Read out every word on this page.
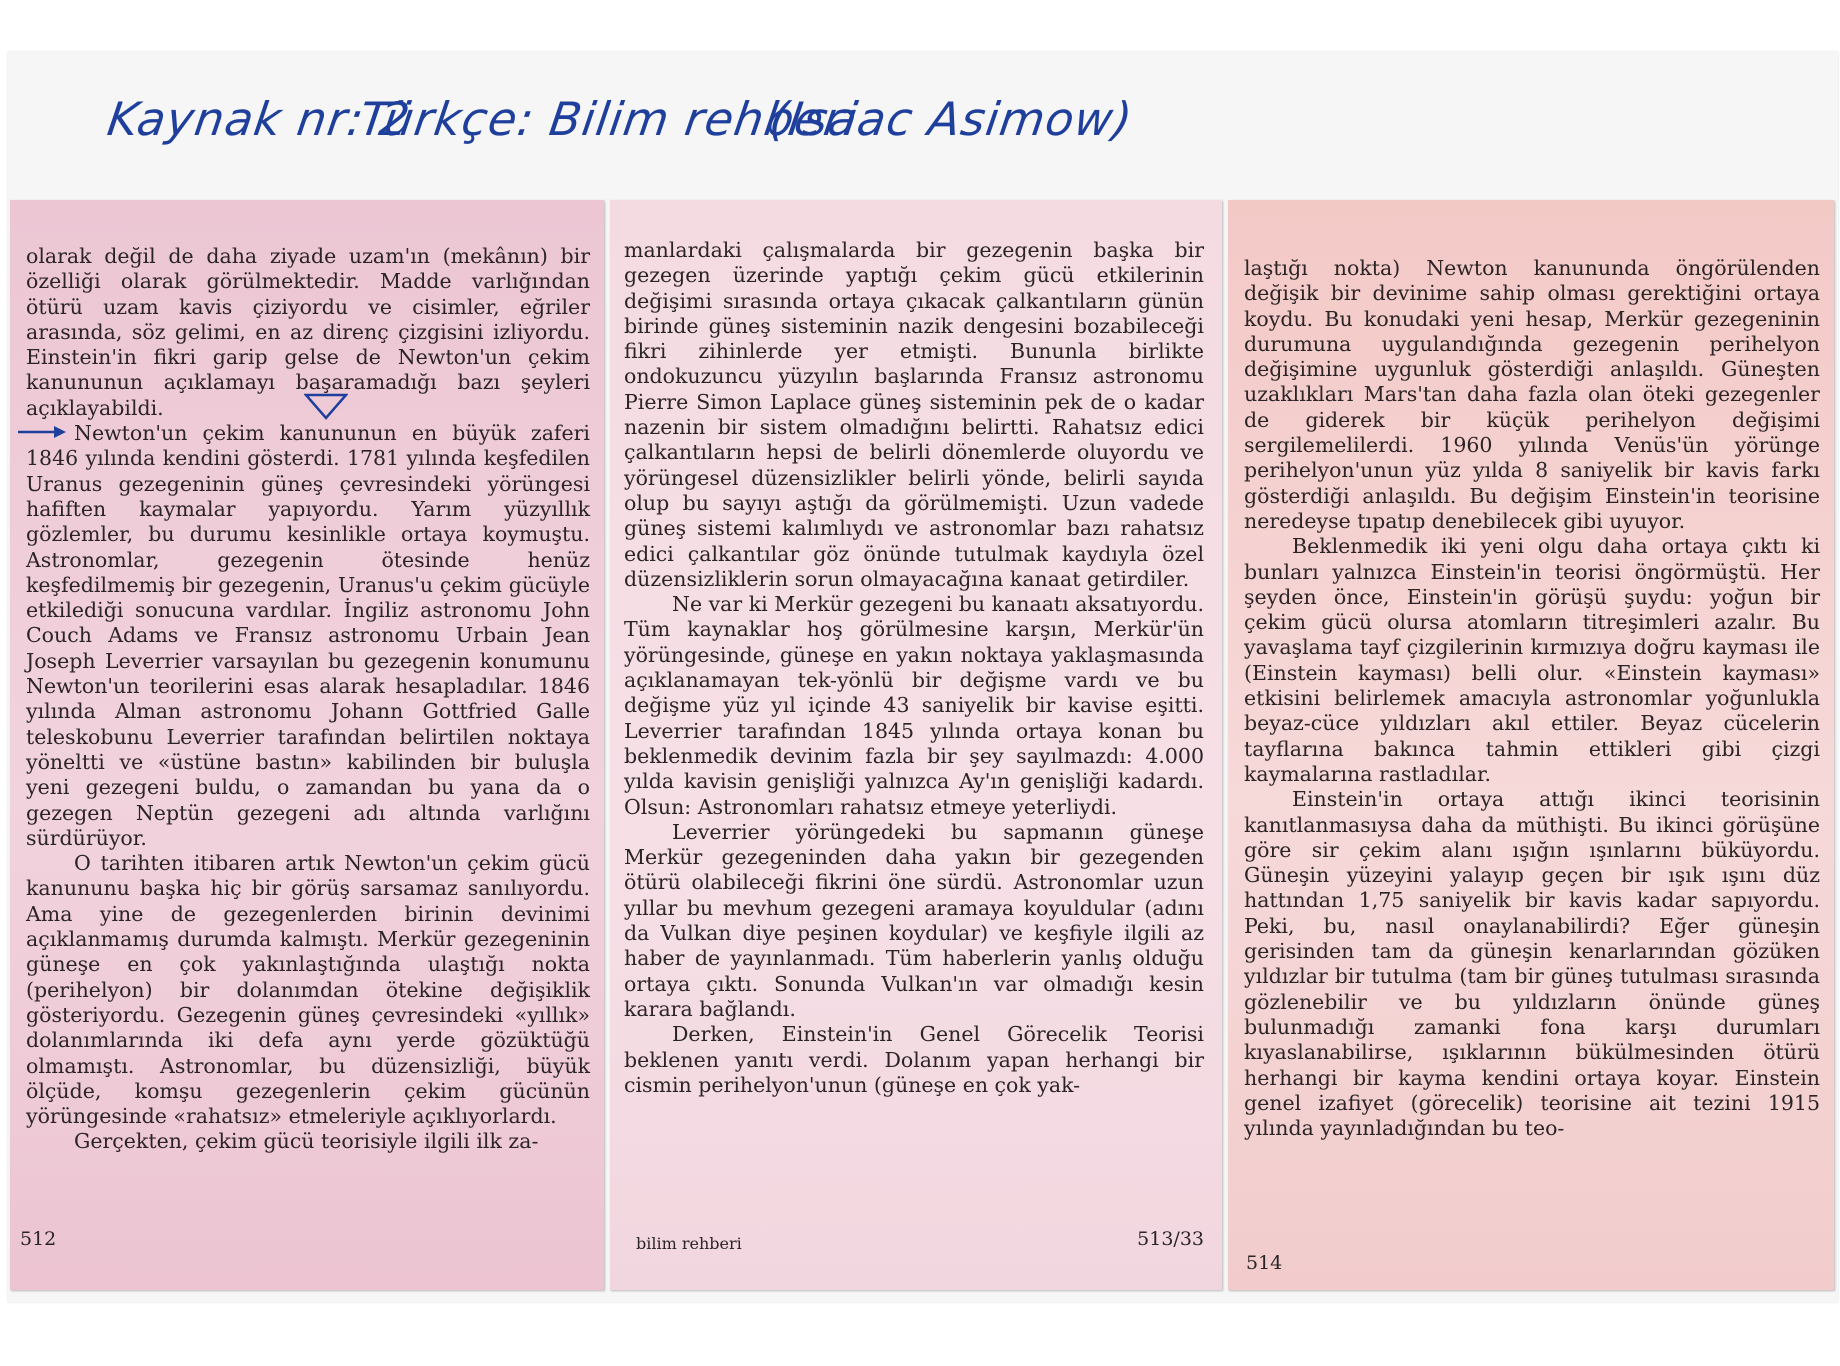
Kaynak nr: 2
Türkçe: Bilim rehberi
(Isaac Asimow)

olarak değil de daha ziyade uzam'ın (mekânın) bir özelliği olarak görülmektedir. Madde varlığından ötürü uzam kavis çiziyordu ve cisimler, eğriler arasında, söz gelimi, en az direnç çizgisini izliyordu. Einstein'in fikri garip gelse de Newton'un çekim kanununun açıklamayı başaramadığı bazı şeyleri açıklayabildi.

Newton'un çekim kanununun en büyük zaferi 1846 yılında kendini gösterdi. 1781 yılında keşfedilen Uranus gezegeninin güneş çevresindeki yörüngesi hafiften kaymalar yapıyordu. Yarım yüzyıllık gözlemler, bu durumu kesinlikle ortaya koymuştu. Astronomlar, gezegenin ötesinde henüz keşfedilmemiş bir gezegenin, Uranus'u çekim gücüyle etkilediği sonucuna vardılar. İngiliz astronomu John Couch Adams ve Fransız astronomu Urbain Jean Joseph Leverrier varsayılan bu gezegenin konumunu Newton'un teorilerini esas alarak hesapladılar. 1846 yılında Alman astronomu Johann Gottfried Galle teleskobunu Leverrier tarafından belirtilen noktaya yöneltti ve «üstüne bastın» kabilinden bir buluşla yeni gezegeni buldu, o zamandan bu yana da o gezegen Neptün gezegeni adı altında varlığını sürdürüyor.

O tarihten itibaren artık Newton'un çekim gücü kanununu başka hiç bir görüş sarsamaz sanılıyordu. Ama yine de gezegenlerden birinin devinimi açıklanmamış durumda kalmıştı. Merkür gezegeninin güneşe en çok yakınlaştığında ulaştığı nokta (perihelyon) bir dolanımdan ötekine değişiklik gösteriyordu. Gezegenin güneş çevresindeki «yıllık» dolanımlarında iki defa aynı yerde gözüktüğü olmamıştı. Astronomlar, bu düzensizliği, büyük ölçüde, komşu gezegenlerin çekim gücünün yörüngesinde «rahatsız» etmeleriyle açıklıyorlardı.

Gerçekten, çekim gücü teorisiyle ilgili ilk za-

512

manlardaki çalışmalarda bir gezegenin başka bir gezegen üzerinde yaptığı çekim gücü etkilerinin değişimi sırasında ortaya çıkacak çalkantıların günün birinde güneş sisteminin nazik dengesini bozabileceği fikri zihinlerde yer etmişti. Bununla birlikte ondokuzuncu yüzyılın başlarında Fransız astronomu Pierre Simon Laplace güneş sisteminin pek de o kadar nazenin bir sistem olmadığını belirtti. Rahatsız edici çalkantıların hepsi de belirli dönemlerde oluyordu ve yörüngesel düzensizlikler belirli yönde, belirli sayıda olup bu sayıyı aştığı da görülmemişti. Uzun vadede güneş sistemi kalımlıydı ve astronomlar bazı rahatsız edici çalkantılar göz önünde tutulmak kaydıyla özel düzensizliklerin sorun olmayacağına kanaat getirdiler.

Ne var ki Merkür gezegeni bu kanaatı aksatıyordu. Tüm kaynaklar hoş görülmesine karşın, Merkür'ün yörüngesinde, güneşe en yakın noktaya yaklaşmasında açıklanamayan tek-yönlü bir değişme vardı ve bu değişme yüz yıl içinde 43 saniyelik bir kavise eşitti. Leverrier tarafından 1845 yılında ortaya konan bu beklenmedik devinim fazla bir şey sayılmazdı: 4.000 yılda kavisin genişliği yalnızca Ay'ın genişliği kadardı. Olsun: Astronomları rahatsız etmeye yeterliydi.

Leverrier yörüngedeki bu sapmanın güneşe Merkür gezegeninden daha yakın bir gezegenden ötürü olabileceği fikrini öne sürdü. Astronomlar uzun yıllar bu mevhum gezegeni aramaya koyuldular (adını da Vulkan diye peşinen koydular) ve keşfiyle ilgili az haber de yayınlanmadı. Tüm haberlerin yanlış olduğu ortaya çıktı. Sonunda Vulkan'ın var olmadığı kesin karara bağlandı.

Derken, Einstein'in Genel Görecelik Teorisi beklenen yanıtı verdi. Dolanım yapan herhangi bir cismin perihelyon'unun (güneşe en çok yak-

bilim rehberi	513/33

laştığı nokta) Newton kanununda öngörülenden değişik bir devinime sahip olması gerektiğini ortaya koydu. Bu konudaki yeni hesap, Merkür gezegeninin durumuna uygulandığında gezegenin perihelyon değişimine uygunluk gösterdiği anlaşıldı. Güneşten uzaklıkları Mars'tan daha fazla olan öteki gezegenler de giderek bir küçük perihelyon değişimi sergilemelilerdi. 1960 yılında Venüs'ün yörünge perihelyon'unun yüz yılda 8 saniyelik bir kavis farkı gösterdiği anlaşıldı. Bu değişim Einstein'in teorisine neredeyse tıpatıp denebilecek gibi uyuyor.

Beklenmedik iki yeni olgu daha ortaya çıktı ki bunları yalnızca Einstein'in teorisi öngörmüştü. Her şeyden önce, Einstein'in görüşü şuydu: yoğun bir çekim gücü olursa atomların titreşimleri azalır. Bu yavaşlama tayf çizgilerinin kırmızıya doğru kayması ile (Einstein kayması) belli olur. «Einstein kayması» etkisini belirlemek amacıyla astronomlar yoğunlukla beyaz-cüce yıldızları akıl ettiler. Beyaz cücelerin tayflarına bakınca tahmin ettikleri gibi çizgi kaymalarına rastladılar.

Einstein'in ortaya attığı ikinci teorisinin kanıtlanmasıysa daha da müthişti. Bu ikinci görüşüne göre sir çekim alanı ışığın ışınlarını büküyordu. Güneşin yüzeyini yalayıp geçen bir ışık ışını düz hattından 1,75 saniyelik bir kavis kadar sapıyordu. Peki, bu, nasıl onaylanabilirdi? Eğer güneşin gerisinden tam da güneşin kenarlarından gözüken yıldızlar bir tutulma (tam bir güneş tutulması sırasında gözlenebilir ve bu yıldızların önünde güneş bulunmadığı zamanki fona karşı durumları kıyaslanabilirse, ışıklarının bükülmesinden ötürü herhangi bir kayma kendini ortaya koyar. Einstein genel izafiyet (görecelik) teorisine ait tezini 1915 yılında yayınladığından bu teo-

514
